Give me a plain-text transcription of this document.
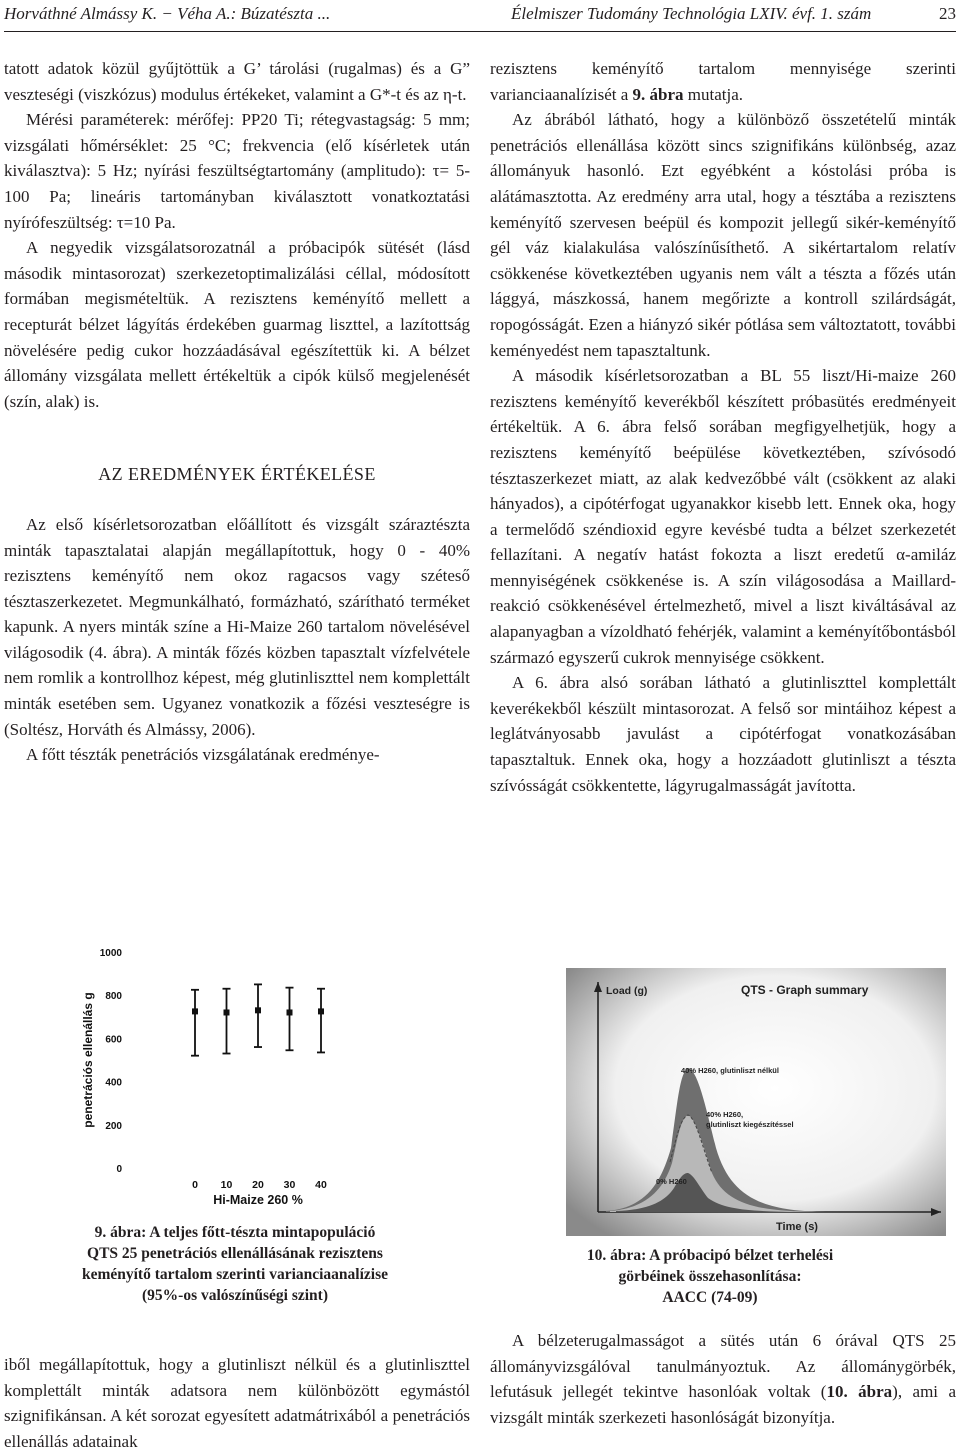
Horváthné Almássy K. − Véha A.: Búzatészta ...	Élelmiszer Tudomány Technológia LXIV. évf. 1. szám	23

tatott adatok közül gyűjtöttük a G’ tárolási (rugalmas) és a G” veszteségi (viszkózus) modulus értékeket, valamint a G*-t és az η-t.

Mérési paraméterek: mérőfej: PP20 Ti; rétegvastagság: 5 mm; vizsgálati hőmérséklet: 25 °C; frekvencia (elő kísérletek után kiválasztva): 5 Hz; nyírási feszültségtartomány (amplitudo): τ= 5-100 Pa; lineáris tartományban kiválasztott vonatkoztatási nyírófeszültség: τ=10 Pa.

A negyedik vizsgálatsorozatnál a próbacipók sütését (lásd második mintasorozat) szerkezetoptimalizálási céllal, módosított formában megismételtük. A rezisztens keményítő mellett a recepturát bélzet lágyítás érdekében guarmag liszttel, a lazítottság növelésére pedig cukor hozzáadásával egészítettük ki. A bélzet állomány vizsgálata mellett értékeltük a cipók külső megjelenését (szín, alak) is.

AZ EREDMÉNYEK ÉRTÉKELÉSE

Az első kísérletsorozatban előállított és vizsgált száraztészta minták tapasztalatai alapján megállapítottuk, hogy 0 - 40% rezisztens keményítő nem okoz ragacsos vagy széteső tésztaszerkezetet. Megmunkálható, formázható, szárítható terméket kapunk. A nyers minták színe a Hi-Maize 260 tartalom növelésével világosodik (4. ábra). A minták főzés közben tapasztalt vízfelvétele nem romlik a kontrollhoz képest, még glutinliszttel nem komplettált minták esetében sem. Ugyanez vonatkozik a főzési veszteségre is (Soltész, Horváth és Almássy, 2006).

A főtt tészták penetrációs vizsgálatának eredménye-

rezisztens keményítő tartalom mennyisége szerinti varianciaanalízisét a 9. ábra mutatja.

Az ábrából látható, hogy a különböző összetételű minták penetrációs ellenállása között sincs szignifikáns különbség, azaz állományuk hasonló. Ezt egyébként a kóstolási próba is alátámasztotta. Az eredmény arra utal, hogy a tésztába a rezisztens keményítő szervesen beépül és kompozit jellegű sikér-keményítő gél váz kialakulása valószínűsíthető. A sikértartalom relatív csökkenése következtében ugyanis nem vált a tészta a főzés után lággyá, mászkossá, hanem megőrizte a kontroll szilárdságát, ropogósságát. Ezen a hiányzó sikér pótlása sem változtatott, további keményedést nem tapasztaltunk.

A második kísérletsorozatban a BL 55 liszt/Hi-maize 260 rezisztens keményítő keverékből készített próbasütés eredményeit értékeltük. A 6. ábra felső sorában megfigyelhetjük, hogy a rezisztens keményítő beépülése következtében, szívósodó tésztaszerkezet miatt, az alak kedvezőbbé vált (csökkent az alaki hányados), a cipótérfogat ugyanakkor kisebb lett. Ennek oka, hogy a termelődő széndioxid egyre kevésbé tudta a bélzet szerkezetét fellazítani. A negatív hatást fokozta a liszt eredetű α-amiláz mennyiségének csökkenése is. A szín világosodása a Maillard-reakció csökkenésével értelmezhető, mivel a liszt kiváltásával az alapanyagban a vízoldható fehérjék, valamint a keményítőbontásból származó egyszerű cukrok mennyisége csökkent.

A 6. ábra alsó sorában látható a glutinliszttel komplettált keverékekből készült mintasorozat. A felső sor mintáihoz képest a leglátványosabb javulást a cipótérfogat vonatkozásában tapasztaltuk. Ennek oka, hogy a hozzáadott glutinliszt a tészta szívósságát csökkentette, lágyrugalmasságát javította.

0
200
400
600
800
1000
0 10 20 30 40
Hi-Maize 260 %
penetrációs ellenállás g
9. ábra: A teljes főtt-tészta mintapopuláció QTS 25 penetrációs ellenállásának rezisztens keményítő tartalom szerinti varianciaanalízise (95%-os valószínűségi szint)
Load (g)	QTS - Graph summary
40% H260, glutinliszt nélkül
40% H260,
glutinliszt kiegészítéssel
0% H260
Time (s)
10. ábra: A próbacipó bélzet terhelési
görbéinek összehasonlítása:
AACC (74-09)

iből megállapítottuk, hogy a glutinliszt nélkül és a glutinliszttel komplettált minták adatsora nem különbözött egymástól szignifikánsan. A két sorozat egyesített adatmátrixából a penetrációs ellenállás adatainak

A bélzeterugalmasságot a sütés után 6 órával QTS 25 állományvizsgálóval tanulmányoztuk. Az állománygörbék, lefutásuk jellegét tekintve hasonlóak voltak (10. ábra), ami a vizsgált minták szerkezeti hasonlóságát bizonyítja.
